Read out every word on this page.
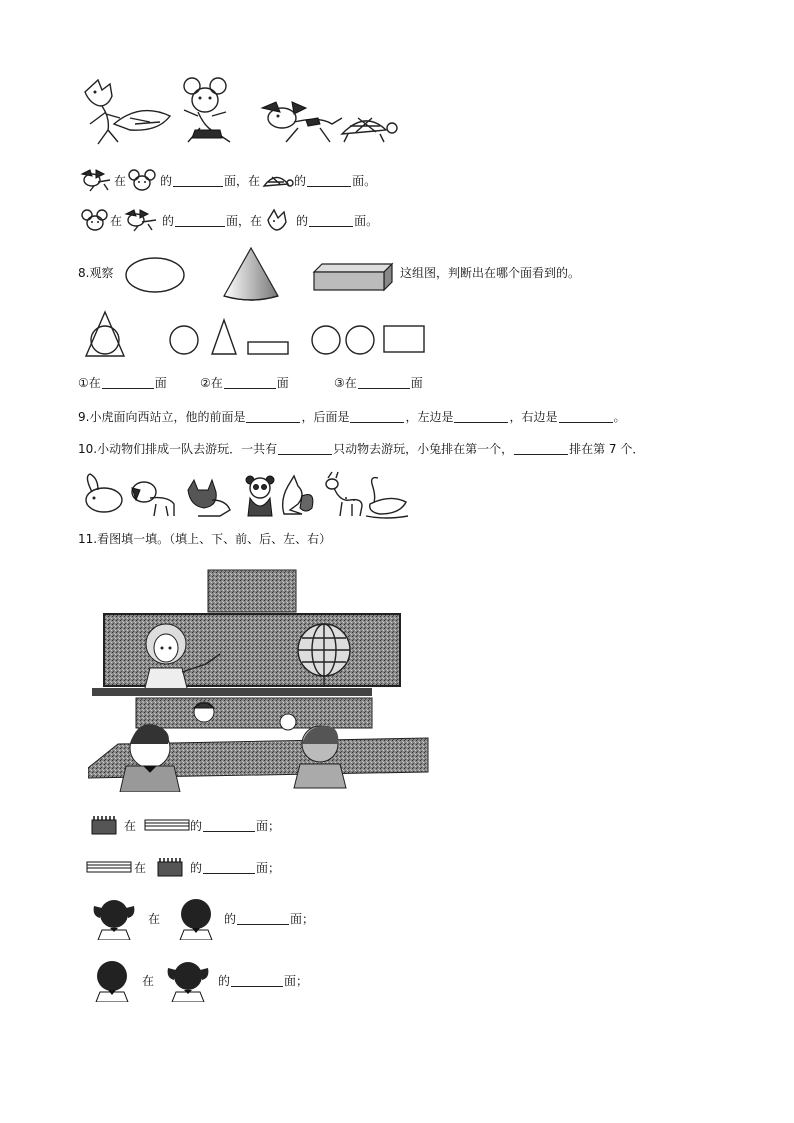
在	的	面，在	的	面。
在	的	面，在	的	面。
8.观察	这组图，判断出在哪个面看到的。
①在	面	②在	面	③在	面
9.小虎面向西站立，他的前面是	，后面是	，左边是	，右边是	。
10.小动物们排成一队去游玩．一共有	只动物去游玩，小兔排在第一个，	排在第 7 个．
11.看图填一填。（填上、下、前、后、左、右）
在	的	面；
在	的	面；
在	的	面；
在	的	面；
